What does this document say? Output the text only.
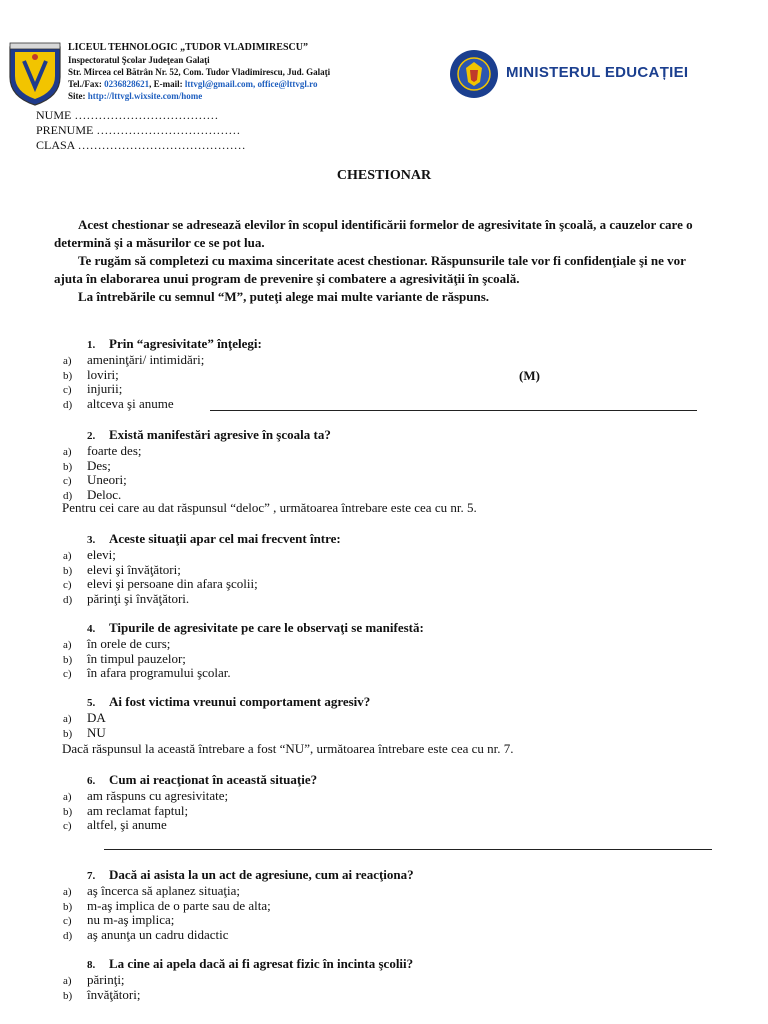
LICEUL TEHNOLOGIC „TUDOR VLADIMIRESCU”
Inspectoratul Şcolar Judeţean Galaţi
Str. Mircea cel Bătrân Nr. 52, Com. Tudor Vladimirescu, Jud. Galaţi
Tel./Fax: 0236828621, E-mail: lttvgl@gmail.com, office@lttvgl.ro
Site: http://lttvgl.wixsite.com/home
MINISTERUL EDUCAȚIEI
NUME ………………………………
PRENUME ………………………………
CLASA ……………………………………
CHESTIONAR

Acest chestionar se adresează elevilor în scopul identificării formelor de agresivitate în şcoală, a cauzelor care o determină şi a măsurilor ce se pot lua.

Te rugăm să completezi cu maxima sinceritate acest chestionar. Răspunsurile tale vor fi confidenţiale şi ne vor ajuta în elaborarea unui program de prevenire şi combatere a agresivităţii în şcoală.

La întrebările cu semnul “M”, puteţi alege mai multe variante de răspuns.

1. Prin “agresivitate” înţelegi:
a) ameninţări/ intimidări;
b) loviri;
c) injurii;
d) altceva şi anume
(M)
2. Există manifestări agresive în şcoala ta?
a) foarte des;
b) Des;
c) Uneori;
d) Deloc.
Pentru cei care au dat răspunsul “deloc” , următoarea întrebare este cea cu nr. 5.
3. Aceste situaţii apar cel mai frecvent între:
a) elevi;
b) elevi şi învăţători;
c) elevi şi persoane din afara şcolii;
d) părinţi şi învăţători.
4. Tipurile de agresivitate pe care le observaţi se manifestă:
a) în orele de curs;
b) în timpul pauzelor;
c) în afara programului şcolar.
5. Ai fost victima vreunui comportament agresiv?
a) DA
b) NU
Dacă răspunsul la această întrebare a fost “NU”, următoarea întrebare este cea cu nr. 7.
6. Cum ai reacţionat în această situaţie?
a) am răspuns cu agresivitate;
b) am reclamat faptul;
c) altfel, şi anume
7. Dacă ai asista la un act de agresiune, cum ai reacţiona?
a) aş încerca să aplanez situaţia;
b) m-aş implica de o parte sau de alta;
c) nu m-aş implica;
d) aş anunţa un cadru didactic
8. La cine ai apela dacă ai fi agresat fizic în incinta şcolii?
a) părinţi;
b) învăţători;
